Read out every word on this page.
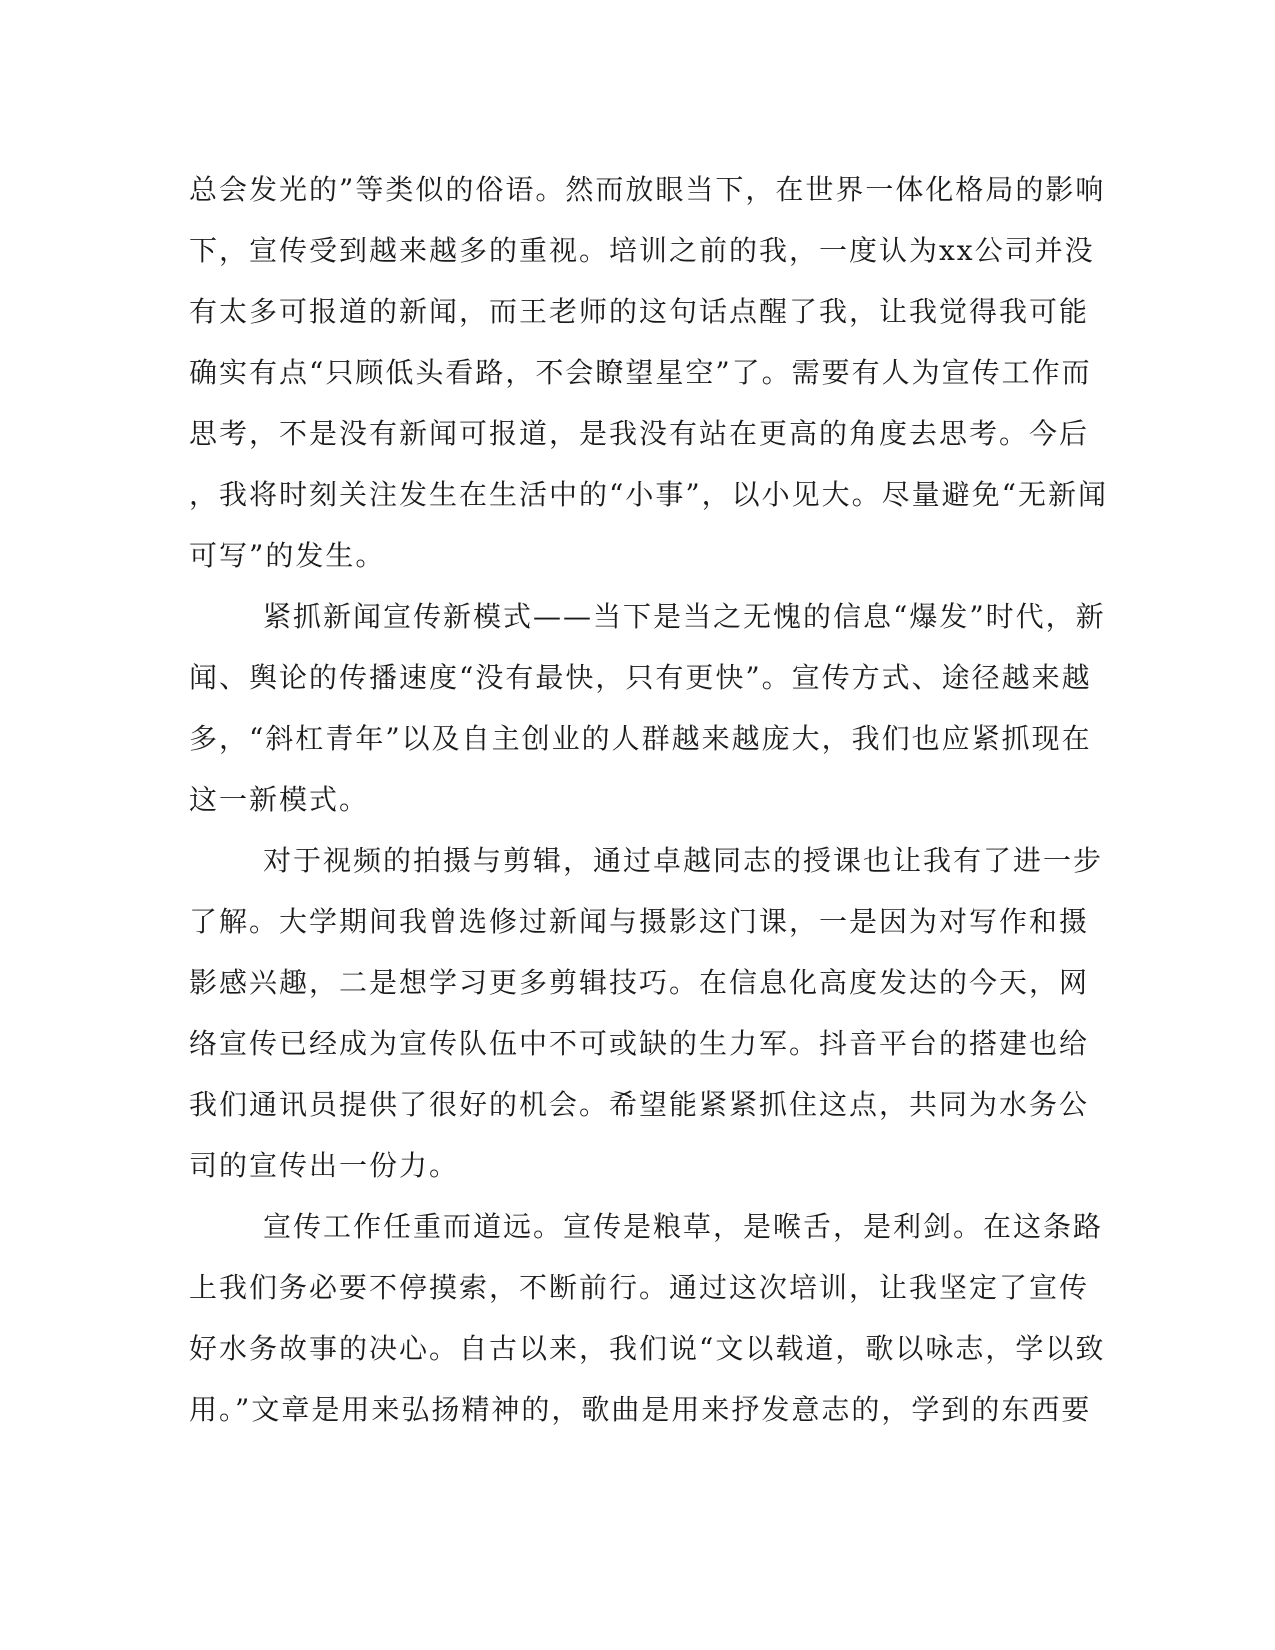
总会发光的”等类似的俗语。然而放眼当下，在世界一体化格局的影响
下，宣传受到越来越多的重视。培训之前的我，一度认为xx公司并没
有太多可报道的新闻，而王老师的这句话点醒了我，让我觉得我可能
确实有点“只顾低头看路，不会瞭望星空”了。需要有人为宣传工作而
思考，不是没有新闻可报道，是我没有站在更高的角度去思考。今后
，我将时刻关注发生在生活中的“小事”，以小见大。尽量避免“无新闻
可写”的发生。
紧抓新闻宣传新模式——当下是当之无愧的信息“爆发”时代，新
闻、舆论的传播速度“没有最快，只有更快”。宣传方式、途径越来越
多，“斜杠青年”以及自主创业的人群越来越庞大，我们也应紧抓现在
这一新模式。
对于视频的拍摄与剪辑，通过卓越同志的授课也让我有了进一步
了解。大学期间我曾选修过新闻与摄影这门课，一是因为对写作和摄
影感兴趣，二是想学习更多剪辑技巧。在信息化高度发达的今天，网
络宣传已经成为宣传队伍中不可或缺的生力军。抖音平台的搭建也给
我们通讯员提供了很好的机会。希望能紧紧抓住这点，共同为水务公
司的宣传出一份力。
宣传工作任重而道远。宣传是粮草，是喉舌，是利剑。在这条路
上我们务必要不停摸索，不断前行。通过这次培训，让我坚定了宣传
好水务故事的决心。自古以来，我们说“文以载道，歌以咏志，学以致
用。”文章是用来弘扬精神的，歌曲是用来抒发意志的，学到的东西要
